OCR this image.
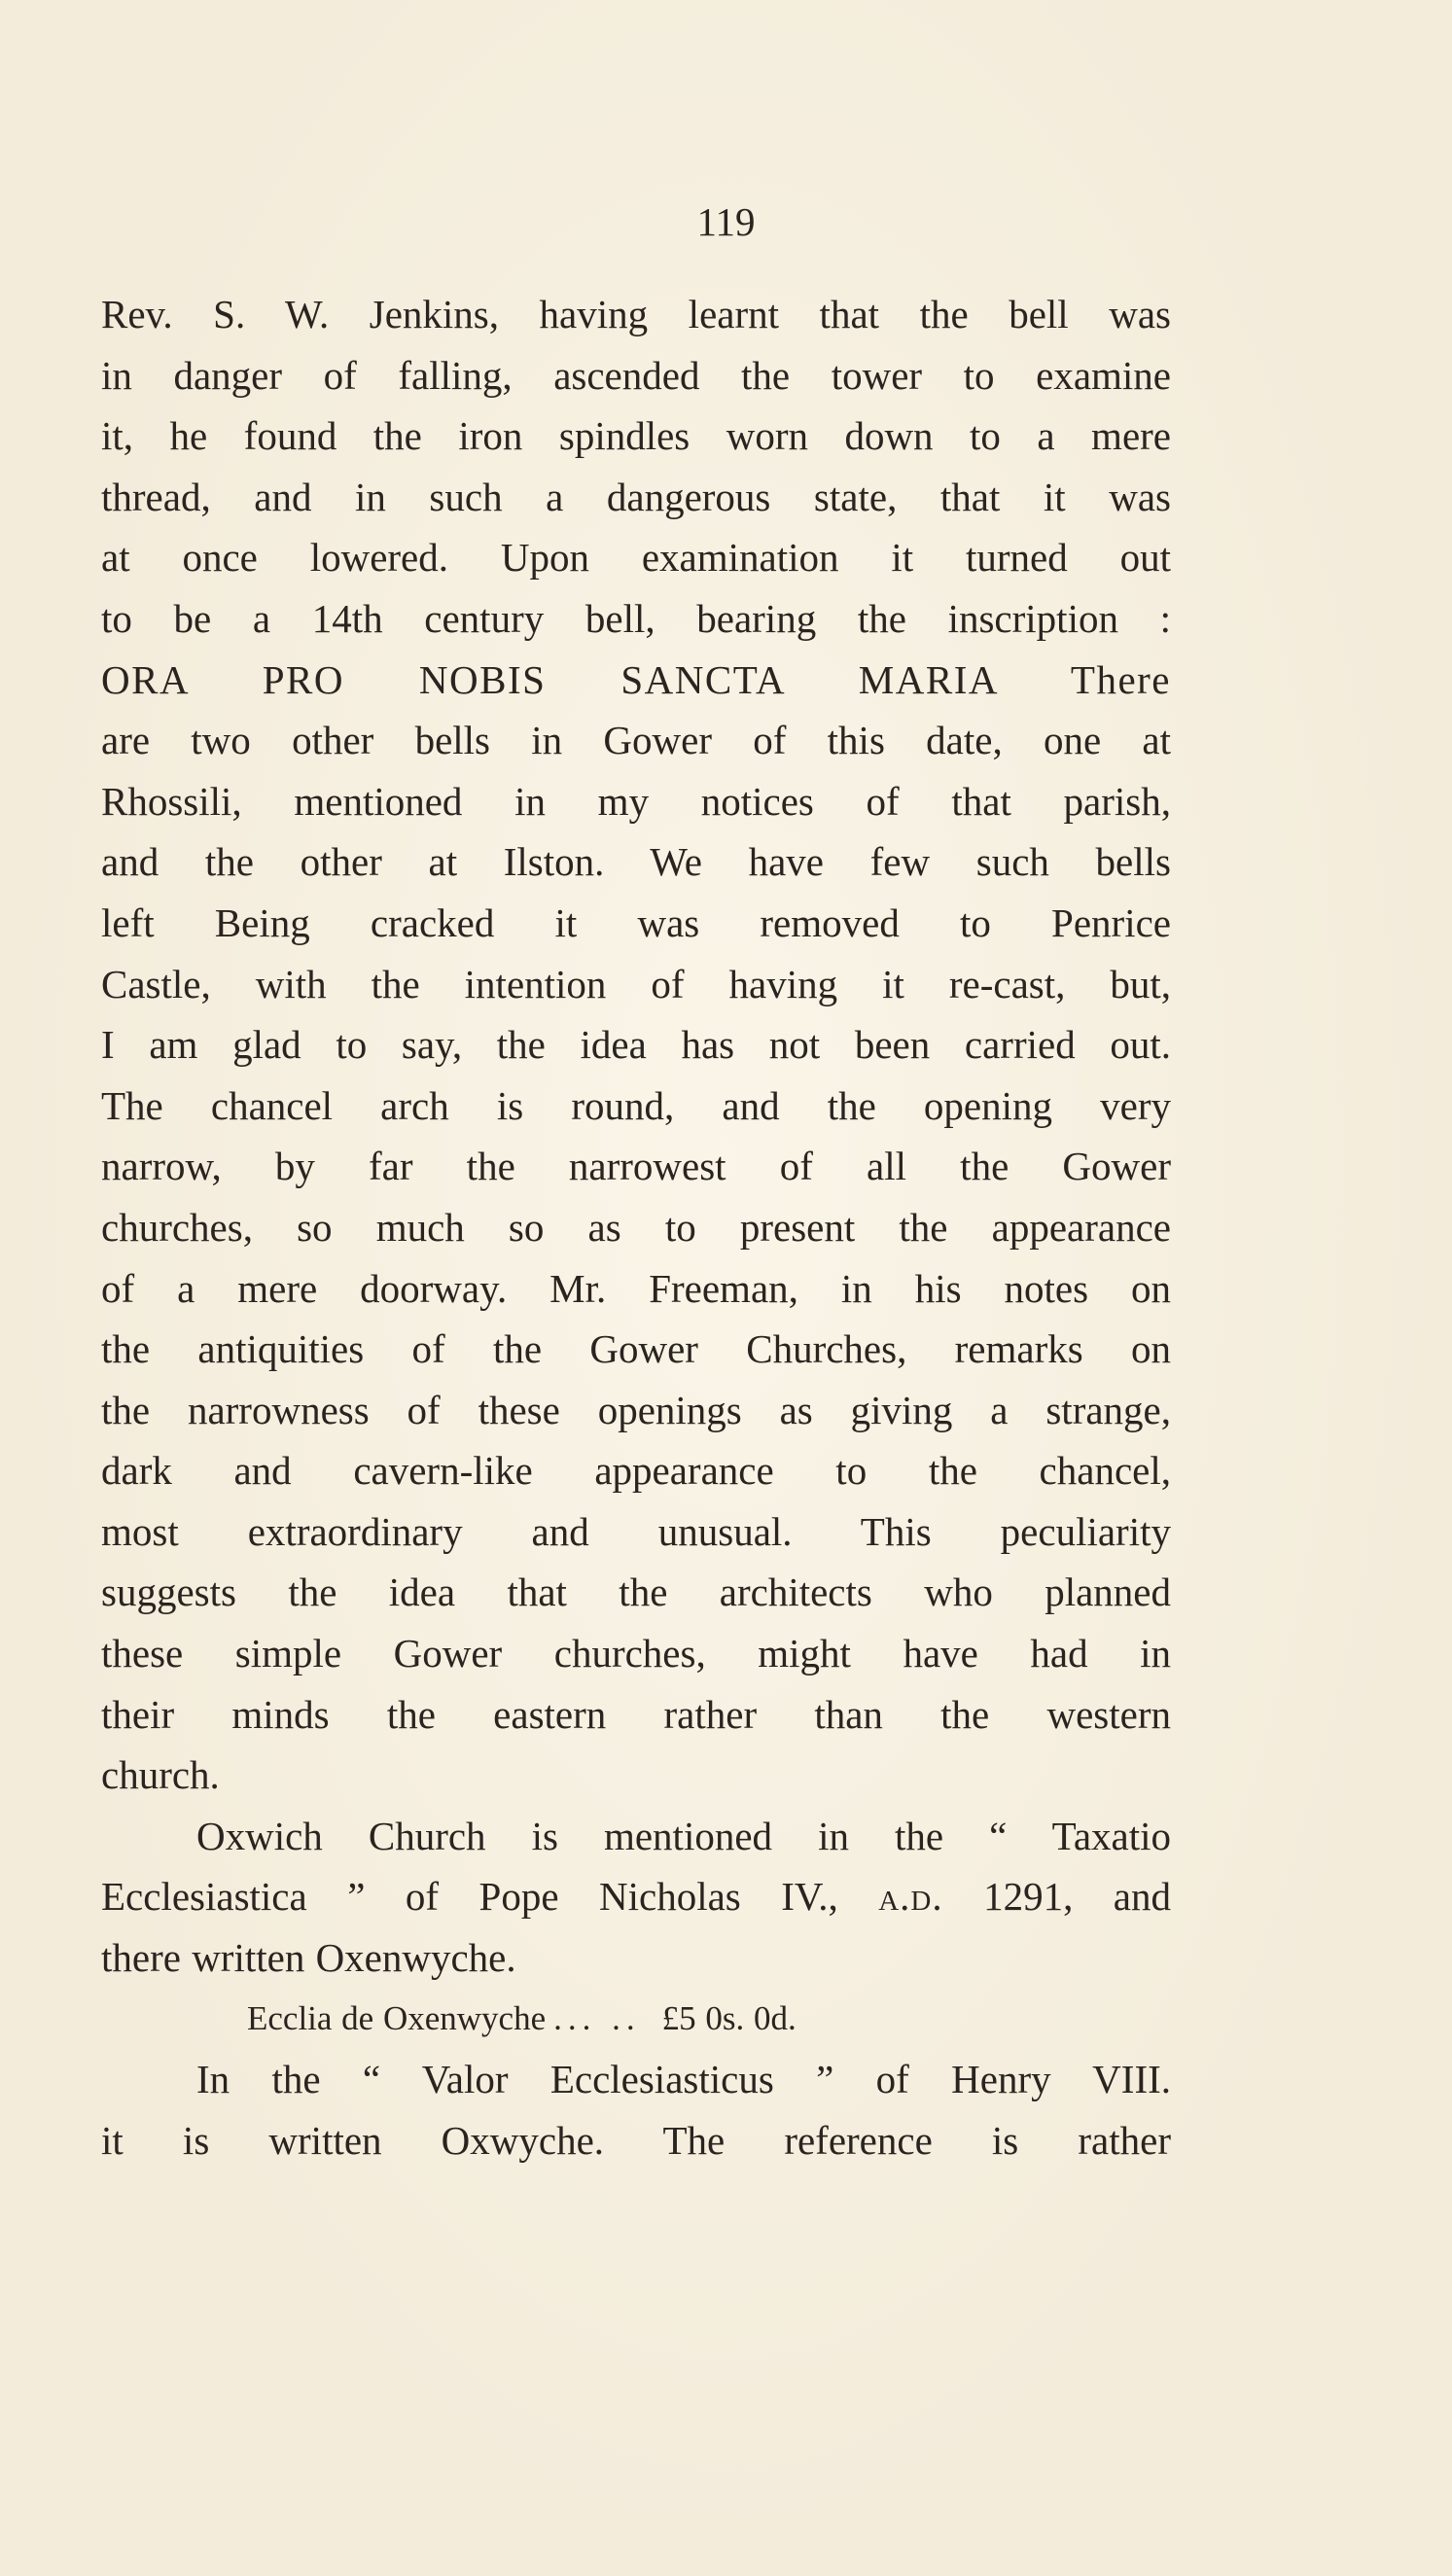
119
Rev. S. W. Jenkins, having learnt that the bell was
in danger of falling, ascended the tower to examine
it, he found the iron spindles worn down to a mere
thread, and in such a dangerous state, that it was
at once lowered. Upon examination it turned out
to be a 14th century bell, bearing the inscription :
ORA PRO NOBIS SANCTA MARIA There
are two other bells in Gower of this date, one at
Rhossili, mentioned in my notices of that parish,
and the other at Ilston. We have few such bells
left Being cracked it was removed to Penrice
Castle, with the intention of having it re-cast, but,
I am glad to say, the idea has not been carried out.
The chancel arch is round, and the opening very
narrow, by far the narrowest of all the Gower
churches, so much so as to present the appearance
of a mere doorway. Mr. Freeman, in his notes on
the antiquities of the Gower Churches, remarks on
the narrowness of these openings as giving a strange,
dark and cavern-like appearance to the chancel,
most extraordinary and unusual. This peculiarity
suggests the idea that the architects who planned
these simple Gower churches, might have had in
their minds the eastern rather than the western
church.
Oxwich Church is mentioned in the “ Taxatio
Ecclesiastica ” of Pope Nicholas IV., a.d. 1291, and
there written Oxenwyche.
Ecclia de Oxenwyche ... .. £5 0s. 0d.
In the “ Valor Ecclesiasticus ” of Henry VIII.
it is written Oxwyche. The reference is rather
